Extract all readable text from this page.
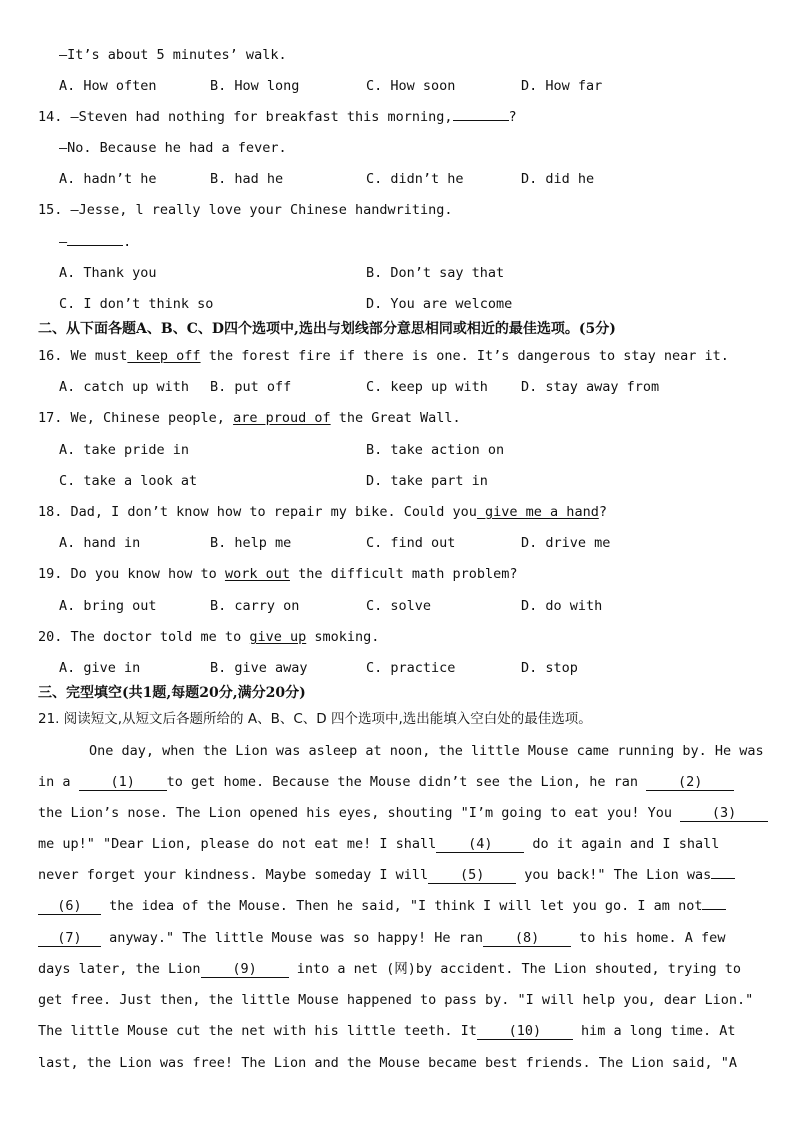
—It’s about 5 minutes’ walk.
A. How often	B. How long	C. How soon	D. How far
14. —Steven had nothing for breakfast this morning,	?
—No. Because he had a fever.
A. hadn’t he	B. had he	C. didn’t he	D. did he
15. —Jesse, l really love your Chinese handwriting.
—	.
A. Thank you	B. Don’t say that
C. I don’t think so	D. You are welcome
二、从下面各题A、B、C、D四个选项中,选出与划线部分意思相同或相近的最佳选项。(5分)
16. We must keep off the forest fire if there is one. It’s dangerous to stay near it.
A. catch up with B. put off	C. keep up with D. stay away from
17. We, Chinese people, are proud of the Great Wall.
A. take pride in	B. take action on
C. take a look at	D. take part in
18. Dad, I don’t know how to repair my bike. Could you give me a hand?
A. hand in	B. help me	C. find out	D. drive me
19. Do you know how to work out the difficult math problem?
A. bring out	B. carry on	C. solve	D. do with
20. The doctor told me to give up smoking.
A. give in	B. give away	C. practice	D. stop
三、完型填空(共1题,每题20分,满分20分)
21. 阅读短文,从短文后各题所给的 A、B、C、D 四个选项中,选出能填入空白处的最佳选项。
One day, when the Lion was asleep at noon, the little Mouse came running by. He was
in a (1) to get home. Because the Mouse didn’t see the Lion, he ran (2)
the Lion’s nose. The Lion opened his eyes, shouting "I’m going to eat you! You (3)
me up!" "Dear Lion, please do not eat me! I shall (4) do it again and I shall
never forget your kindness. Maybe someday I will (5) you back!" The Lion was
(6) the idea of the Mouse. Then he said, "I think I will let you go. I am not
(7) anyway." The little Mouse was so happy! He ran (8) to his home. A few
days later, the Lion (9) into a net (网)by accident. The Lion shouted, trying to
get free. Just then, the little Mouse happened to pass by. "I will help you, dear Lion."
The little Mouse cut the net with his little teeth. It (10) him a long time. At
last, the Lion was free! The Lion and the Mouse became best friends. The Lion said, "A
